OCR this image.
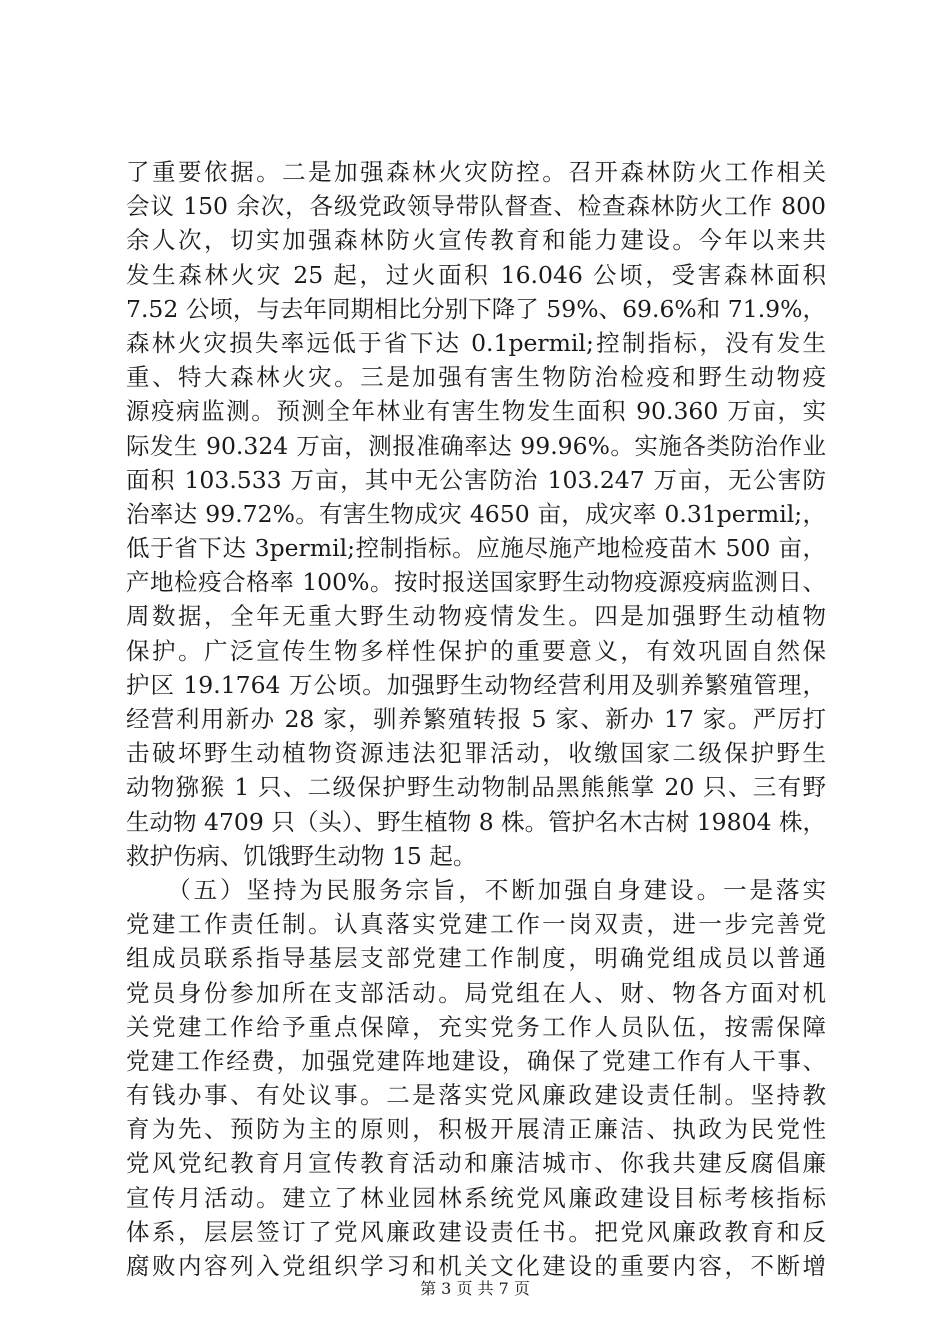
了重要依据。二是加强森林火灾防控。召开森林防火工作相关
会议 150 余次，各级党政领导带队督查、检查森林防火工作 800
余人次，切实加强森林防火宣传教育和能力建设。今年以来共
发生森林火灾 25 起，过火面积 16.046 公顷，受害森林面积
7.52 公顷，与去年同期相比分别下降了 59%、69.6%和 71.9%，
森林火灾损失率远低于省下达 0.1permil;控制指标，没有发生
重、特大森林火灾。三是加强有害生物防治检疫和野生动物疫
源疫病监测。预测全年林业有害生物发生面积 90.360 万亩，实
际发生 90.324 万亩，测报准确率达 99.96%。实施各类防治作业
面积 103.533 万亩，其中无公害防治 103.247 万亩，无公害防
治率达 99.72%。有害生物成灾 4650 亩，成灾率 0.31permil;，
低于省下达 3permil;控制指标。应施尽施产地检疫苗木 500 亩，
产地检疫合格率 100%。按时报送国家野生动物疫源疫病监测日、
周数据，全年无重大野生动物疫情发生。四是加强野生动植物
保护。广泛宣传生物多样性保护的重要意义，有效巩固自然保
护区 19.1764 万公顷。加强野生动物经营利用及驯养繁殖管理，
经营利用新办 28 家，驯养繁殖转报 5 家、新办 17 家。严厉打
击破坏野生动植物资源违法犯罪活动，收缴国家二级保护野生
动物猕猴 1 只、二级保护野生动物制品黑熊熊掌 20 只、三有野
生动物 4709 只（头）、野生植物 8 株。管护名木古树 19804 株，
救护伤病、饥饿野生动物 15 起。
　　（五）坚持为民服务宗旨，不断加强自身建设。一是落实
党建工作责任制。认真落实党建工作一岗双责，进一步完善党
组成员联系指导基层支部党建工作制度，明确党组成员以普通
党员身份参加所在支部活动。局党组在人、财、物各方面对机
关党建工作给予重点保障，充实党务工作人员队伍，按需保障
党建工作经费，加强党建阵地建设，确保了党建工作有人干事、
有钱办事、有处议事。二是落实党风廉政建设责任制。坚持教
育为先、预防为主的原则，积极开展清正廉洁、执政为民党性
党风党纪教育月宣传教育活动和廉洁城市、你我共建反腐倡廉
宣传月活动。建立了林业园林系统党风廉政建设目标考核指标
体系，层层签订了党风廉政建设责任书。把党风廉政教育和反
腐败内容列入党组织学习和机关文化建设的重要内容，不断增
第 3 页 共 7 页
